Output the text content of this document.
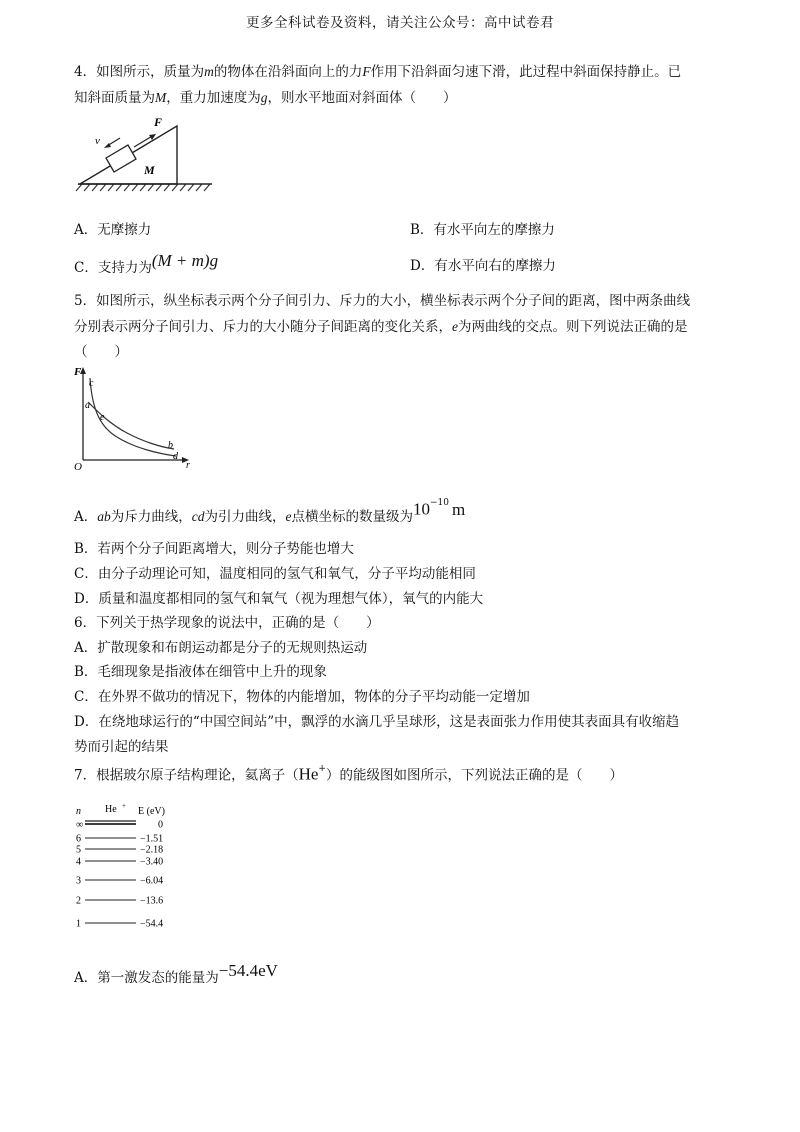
更多全科试卷及资料，请关注公众号：高中试卷君
4．如图所示，质量为m的物体在沿斜面向上的力F作用下沿斜面匀速下滑，此过程中斜面保持静止。已
知斜面质量为M，重力加速度为g，则水平地面对斜面体（　　）
F
v
M
A．无摩擦力	B．有水平向左的摩擦力
C．支持力为(M + m)g	D．有水平向右的摩擦力
5．如图所示，纵坐标表示两个分子间引力、斥力的大小，横坐标表示两个分子间的距离，图中两条曲线
分别表示两分子间引力、斥力的大小随分子间距离的变化关系，e为两曲线的交点。则下列说法正确的是
（　　）
F
c
a
e
b
d
O	r
A．ab为斥力曲线，cd为引力曲线，e点横坐标的数量级为$10^{-10}$ m
B．若两个分子间距离增大，则分子势能也增大
C．由分子动理论可知，温度相同的氢气和氧气，分子平均动能相同
D．质量和温度都相同的氢气和氧气（视为理想气体），氧气的内能大
6．下列关于热学现象的说法中，正确的是（　　）
A．扩散现象和布朗运动都是分子的无规则热运动
B．毛细现象是指液体在细管中上升的现象
C．在外界不做功的情况下，物体的内能增加，物体的分子平均动能一定增加
D．在绕地球运行的“中国空间站”中，飘浮的水滴几乎呈球形，这是表面张力作用使其表面具有收缩趋
势而引起的结果
7．根据玻尔原子结构理论，氦离子（He+）的能级图如图所示，下列说法正确的是（　　）
n He + E (eV)
∞	0
6	−1.51
5	−2.18
4	−3.40
3	−6.04
2	−13.6
1	−54.4
A．第一激发态的能量为−54.4eV
